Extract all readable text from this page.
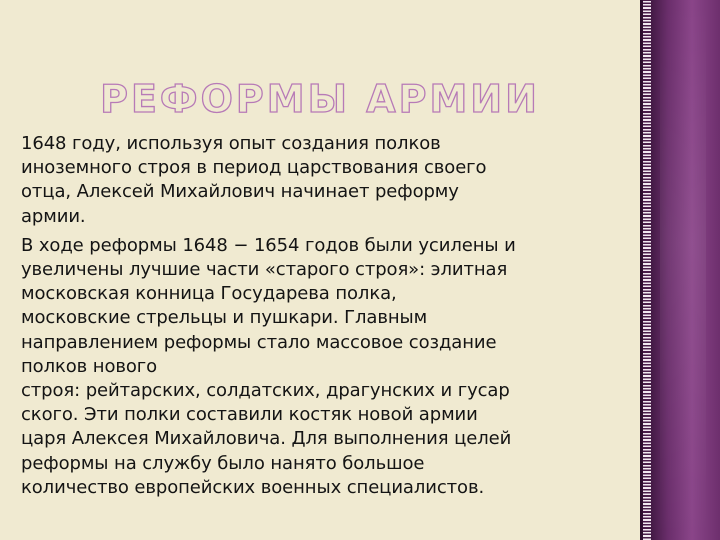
РЕФОРМЫ АРМИИ

1648 году, используя опыт создания полков
иноземного строя в период царствования своего
отца, Алексей Михайлович начинает реформу
армии.

В ходе реформы 1648 − 1654 годов были усилены и
увеличены лучшие части «старого строя»: элитная
московская конница Государева полка,
московские стрельцы и пушкари. Главным
направлением реформы стало массовое создание
полков нового
строя: рейтарских, солдатских, драгунских и гусар
ского. Эти полки составили костяк новой армии
царя Алексея Михайловича. Для выполнения целей
реформы на службу было нанято большое
количество европейских военных специалистов.
